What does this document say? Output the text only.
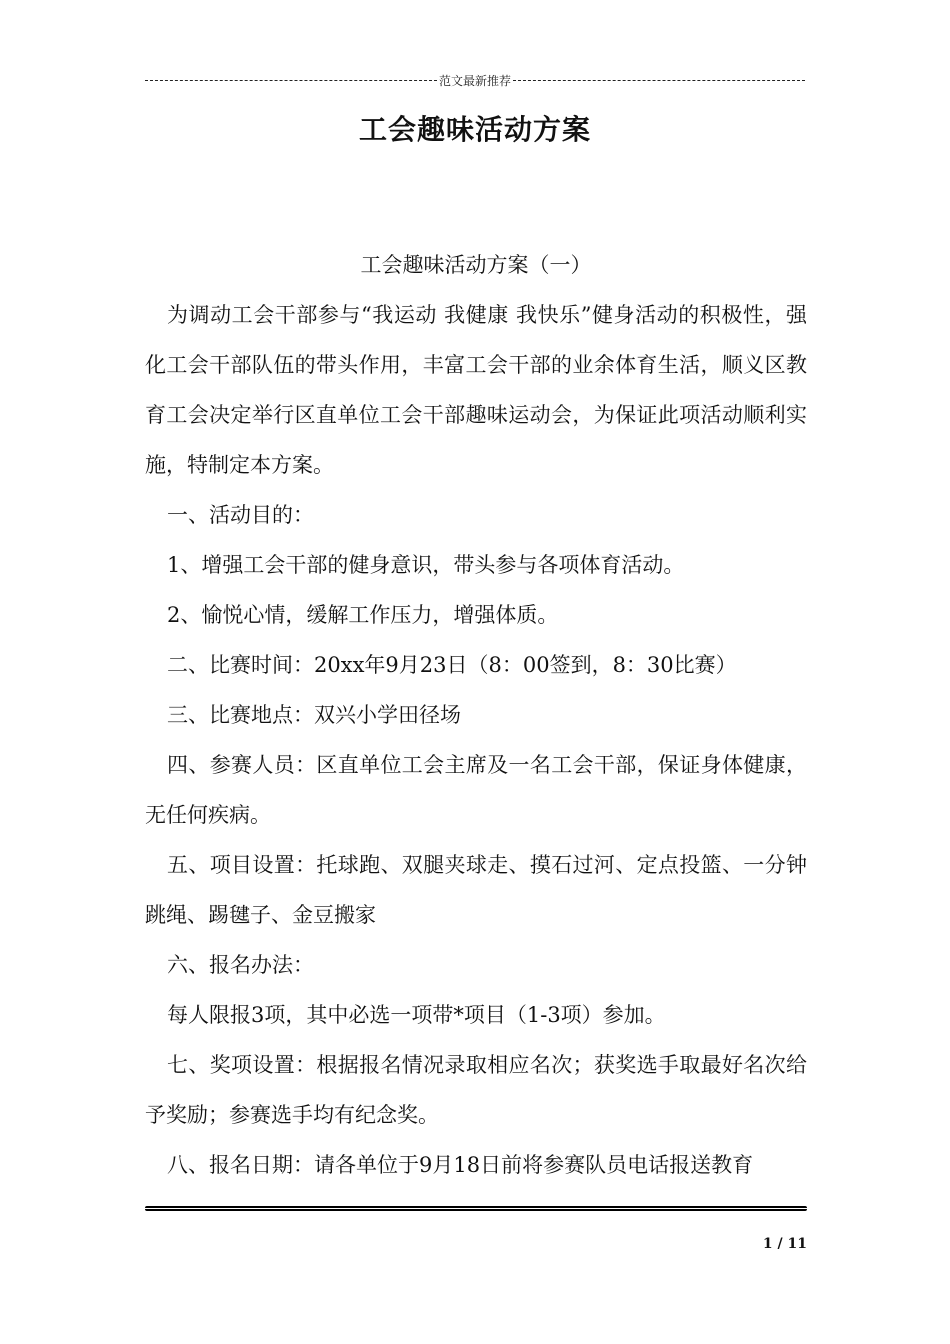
范文最新推荐
工会趣味活动方案

工会趣味活动方案（一）

为调动工会干部参与“我运动 我健康 我快乐”健身活动的积极性，强化工会干部队伍的带头作用，丰富工会干部的业余体育生活，顺义区教育工会决定举行区直单位工会干部趣味运动会，为保证此项活动顺利实施，特制定本方案。

一、活动目的：

1、增强工会干部的健身意识，带头参与各项体育活动。

2、愉悦心情，缓解工作压力，增强体质。

二、比赛时间：20xx年9月23日（8：00签到，8：30比赛）

三、比赛地点：双兴小学田径场

四、参赛人员：区直单位工会主席及一名工会干部，保证身体健康，无任何疾病。

五、项目设置：托球跑、双腿夹球走、摸石过河、定点投篮、一分钟跳绳、踢毽子、金豆搬家

六、报名办法：

每人限报3项，其中必选一项带*项目（1-3项）参加。

七、奖项设置：根据报名情况录取相应名次；获奖选手取最好名次给予奖励；参赛选手均有纪念奖。

八、报名日期：请各单位于9月18日前将参赛队员电话报送教育

1 / 11
